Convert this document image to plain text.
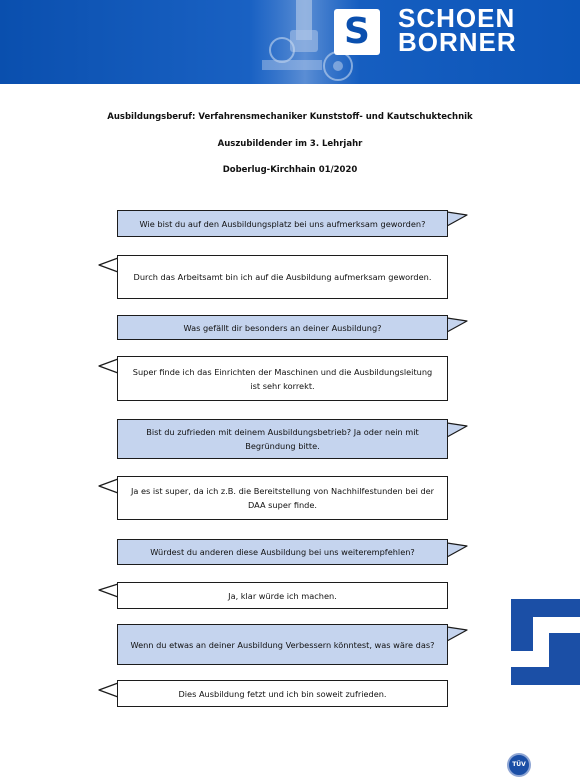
S	SCHOEN
BORNER
Ausbildungsberuf: Verfahrensmechaniker Kunststoff- und Kautschuktechnik
Auszubildender im 3. Lehrjahr
Doberlug-Kirchhain 01/2020
Wie bist du auf den Ausbildungsplatz bei uns aufmerksam geworden?
Durch das Arbeitsamt bin ich auf die Ausbildung aufmerksam geworden.
Was gefällt dir besonders an deiner Ausbildung?
Super finde ich das Einrichten der Maschinen und die Ausbildungsleitung ist sehr korrekt.
Bist du zufrieden mit deinem Ausbildungsbetrieb? Ja oder nein mit Begründung bitte.
Ja es ist super, da ich z.B. die Bereitstellung von Nachhilfestunden bei der DAA super finde.
Würdest du anderen diese Ausbildung bei uns weiterempfehlen?
Ja, klar würde ich machen.
Wenn du etwas an deiner Ausbildung Verbessern könntest, was wäre das?
Dies Ausbildung fetzt und ich bin soweit zufrieden.
TÜV
